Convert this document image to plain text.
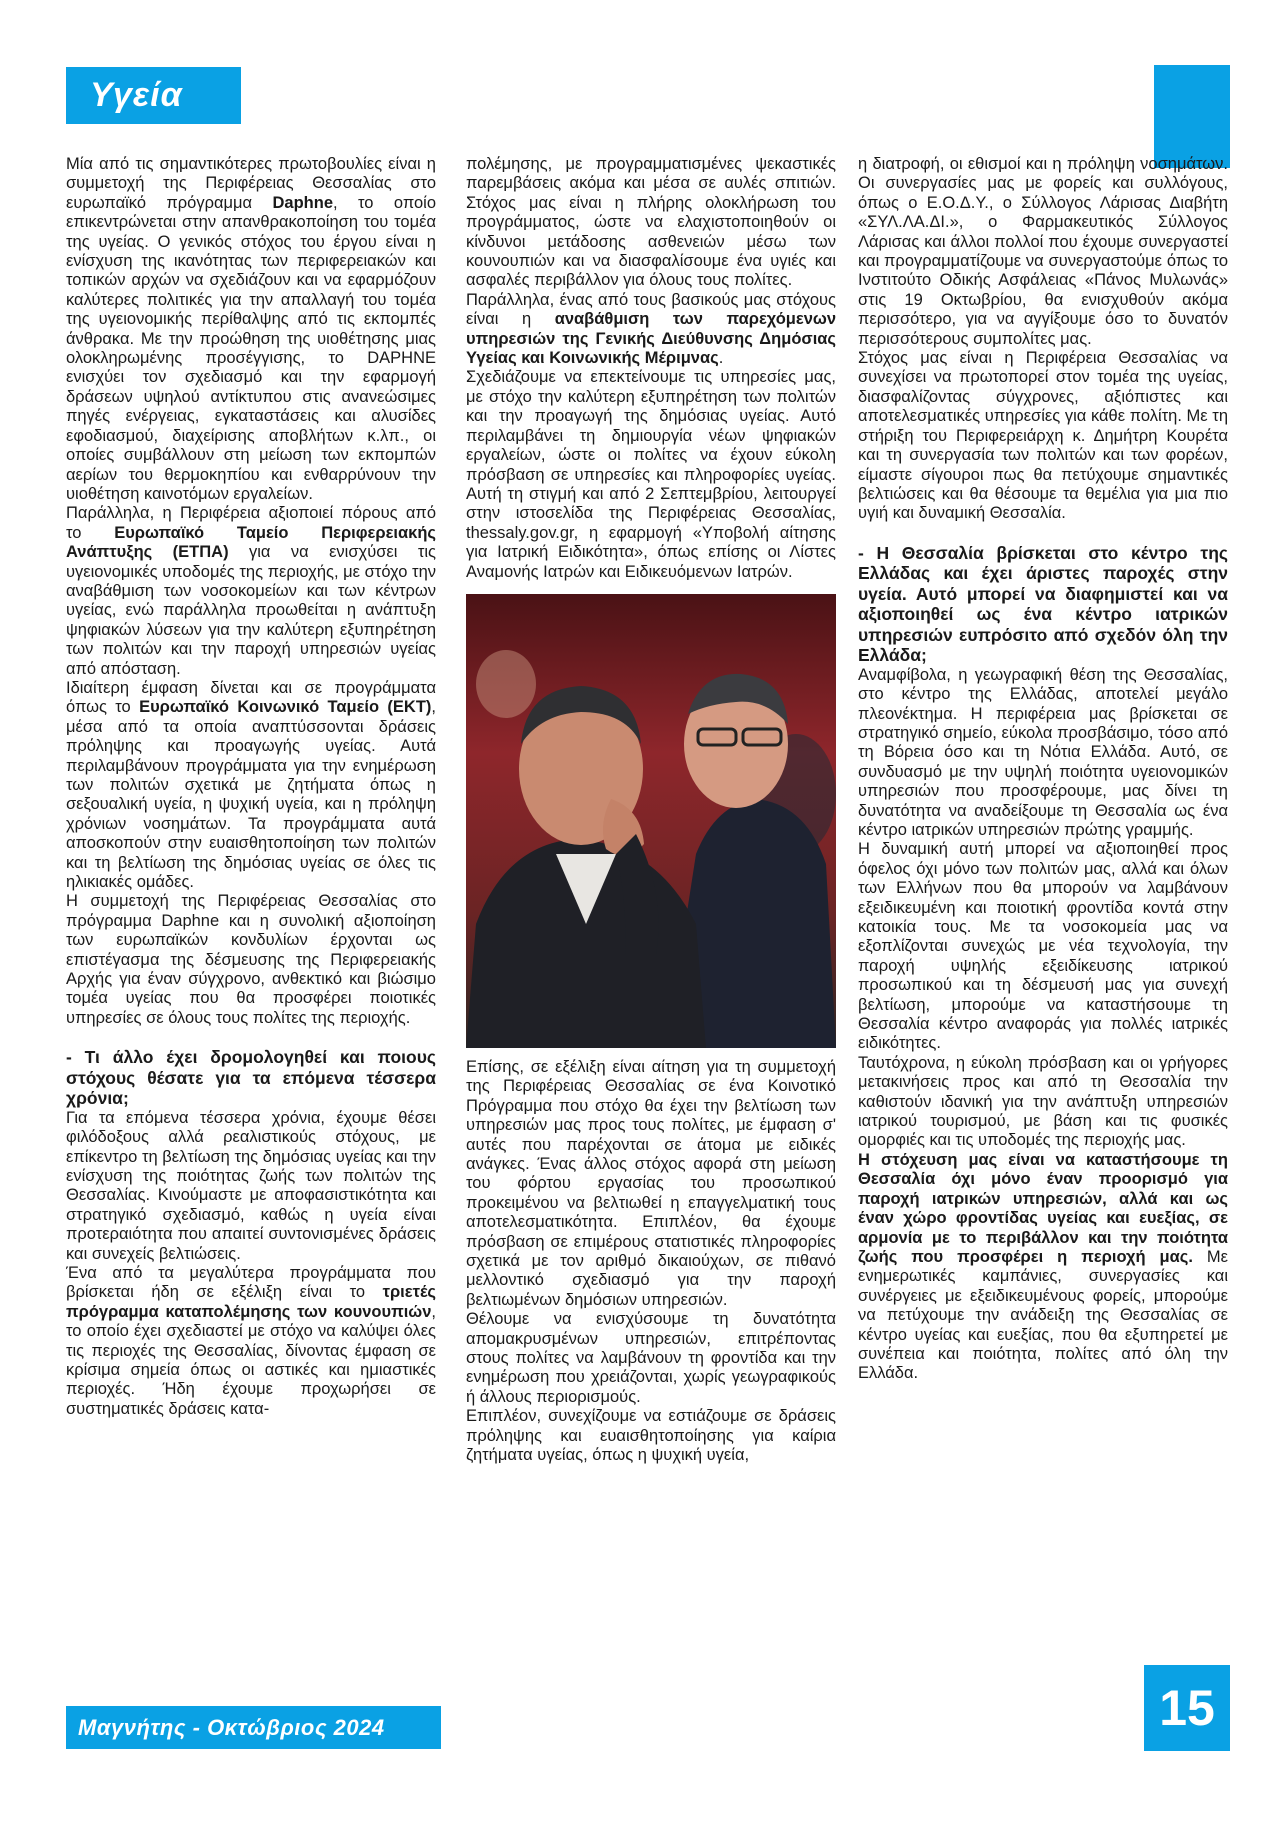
Υγεία

Μία από τις σημαντικότερες πρωτοβουλίες είναι η συμμετοχή της Περιφέρειας Θεσσαλίας στο ευρωπαϊκό πρόγραμμα Daphne, το οποίο επικεντρώνεται στην απανθρακοποίηση του τομέα της υγείας. Ο γενικός στόχος του έργου είναι η ενίσχυση της ικανότητας των περιφερειακών και τοπικών αρχών να σχεδιάζουν και να εφαρμόζουν καλύτερες πολιτικές για την απαλλαγή του τομέα της υγειονομικής περίθαλψης από τις εκπομπές άνθρακα. Με την προώθηση της υιοθέτησης μιας ολοκληρωμένης προσέγγισης, το DAPHNE ενισχύει τον σχεδιασμό και την εφαρμογή δράσεων υψηλού αντίκτυπου στις ανανεώσιμες πηγές ενέργειας, εγκαταστάσεις και αλυσίδες εφοδιασμού, διαχείρισης αποβλήτων κ.λπ., οι οποίες συμβάλλουν στη μείωση των εκπομπών αερίων του θερμοκηπίου και ενθαρρύνουν την υιοθέτηση καινοτόμων εργαλείων.

Παράλληλα, η Περιφέρεια αξιοποιεί πόρους από το Ευρωπαϊκό Ταμείο Περιφερειακής Ανάπτυξης (ΕΤΠΑ) για να ενισχύσει τις υγειονομικές υποδομές της περιοχής, με στόχο την αναβάθμιση των νοσοκομείων και των κέντρων υγείας, ενώ παράλληλα προωθείται η ανάπτυξη ψηφιακών λύσεων για την καλύτερη εξυπηρέτηση των πολιτών και την παροχή υπηρεσιών υγείας από απόσταση.

Ιδιαίτερη έμφαση δίνεται και σε προγράμματα όπως το Ευρωπαϊκό Κοινωνικό Ταμείο (ΕΚΤ), μέσα από τα οποία αναπτύσσονται δράσεις πρόληψης και προαγωγής υγείας. Αυτά περιλαμβάνουν προγράμματα για την ενημέρωση των πολιτών σχετικά με ζητήματα όπως η σεξουαλική υγεία, η ψυχική υγεία, και η πρόληψη χρόνιων νοσημάτων. Τα προγράμματα αυτά αποσκοπούν στην ευαισθητοποίηση των πολιτών και τη βελτίωση της δημόσιας υγείας σε όλες τις ηλικιακές ομάδες.

Η συμμετοχή της Περιφέρειας Θεσσαλίας στο πρόγραμμα Daphne και η συνολική αξιοποίηση των ευρωπαϊκών κονδυλίων έρχονται ως επιστέγασμα της δέσμευσης της Περιφερειακής Αρχής για έναν σύγχρονο, ανθεκτικό και βιώσιμο τομέα υγείας που θα προσφέρει ποιοτικές υπηρεσίες σε όλους τους πολίτες της περιοχής.

- Τι άλλο έχει δρομολογηθεί και ποιους στόχους θέσατε για τα επόμενα τέσσερα χρόνια;

Για τα επόμενα τέσσερα χρόνια, έχουμε θέσει φιλόδοξους αλλά ρεαλιστικούς στόχους, με επίκεντρο τη βελτίωση της δημόσιας υγείας και την ενίσχυση της ποιότητας ζωής των πολιτών της Θεσσαλίας. Κινούμαστε με αποφασιστικότητα και στρατηγικό σχεδιασμό, καθώς η υγεία είναι προτεραιότητα που απαιτεί συντονισμένες δράσεις και συνεχείς βελτιώσεις.

Ένα από τα μεγαλύτερα προγράμματα που βρίσκεται ήδη σε εξέλιξη είναι το τριετές πρόγραμμα καταπολέμησης των κουνουπιών, το οποίο έχει σχεδιαστεί με στόχο να καλύψει όλες τις περιοχές της Θεσσαλίας, δίνοντας έμφαση σε κρίσιμα σημεία όπως οι αστικές και ημιαστικές περιοχές. Ήδη έχουμε προχωρήσει σε συστηματικές δράσεις κατα-

πολέμησης, με προγραμματισμένες ψεκαστικές παρεμβάσεις ακόμα και μέσα σε αυλές σπιτιών. Στόχος μας είναι η πλήρης ολοκλήρωση του προγράμματος, ώστε να ελαχιστοποιηθούν οι κίνδυνοι μετάδοσης ασθενειών μέσω των κουνουπιών και να διασφαλίσουμε ένα υγιές και ασφαλές περιβάλλον για όλους τους πολίτες.

Παράλληλα, ένας από τους βασικούς μας στόχους είναι η αναβάθμιση των παρεχόμενων υπηρεσιών της Γενικής Διεύθυνσης Δημόσιας Υγείας και Κοινωνικής Μέριμνας.

Σχεδιάζουμε να επεκτείνουμε τις υπηρεσίες μας, με στόχο την καλύτερη εξυπηρέτηση των πολιτών και την προαγωγή της δημόσιας υγείας. Αυτό περιλαμβάνει τη δημιουργία νέων ψηφιακών εργαλείων, ώστε οι πολίτες να έχουν εύκολη πρόσβαση σε υπηρεσίες και πληροφορίες υγείας. Αυτή τη στιγμή και από 2 Σεπτεμβρίου, λειτουργεί στην ιστοσελίδα της Περιφέρειας Θεσσαλίας, thessaly.gov.gr, η εφαρμογή «Υποβολή αίτησης για Ιατρική Ειδικότητα», όπως επίσης οι Λίστες Αναμονής Ιατρών και Ειδικευόμενων Ιατρών.

Επίσης, σε εξέλιξη είναι αίτηση για τη συμμετοχή της Περιφέρειας Θεσσαλίας σε ένα Κοινοτικό Πρόγραμμα που στόχο θα έχει την βελτίωση των υπηρεσιών μας προς τους πολίτες, με έμφαση σ' αυτές που παρέχονται σε άτομα με ειδικές ανάγκες. Ένας άλλος στόχος αφορά στη μείωση του φόρτου εργασίας του προσωπικού προκειμένου να βελτιωθεί η επαγγελματική τους αποτελεσματικότητα. Επιπλέον, θα έχουμε πρόσβαση σε επιμέρους στατιστικές πληροφορίες σχετικά με τον αριθμό δικαιούχων, σε πιθανό μελλοντικό σχεδιασμό για την παροχή βελτιωμένων δημόσιων υπηρεσιών.

Θέλουμε να ενισχύσουμε τη δυνατότητα απομακρυσμένων υπηρεσιών, επιτρέποντας στους πολίτες να λαμβάνουν τη φροντίδα και την ενημέρωση που χρειάζονται, χωρίς γεωγραφικούς ή άλλους περιορισμούς.

Επιπλέον, συνεχίζουμε να εστιάζουμε σε δράσεις πρόληψης και ευαισθητοποίησης για καίρια ζητήματα υγείας, όπως η ψυχική υγεία,

η διατροφή, οι εθισμοί και η πρόληψη νοσημάτων. Οι συνεργασίες μας με φορείς και συλλόγους, όπως ο Ε.Ο.Δ.Υ., ο Σύλλογος Λάρισας Διαβήτη «ΣΥΛ.ΛΑ.ΔΙ.», ο Φαρμακευτικός Σύλλογος Λάρισας και άλλοι πολλοί που έχουμε συνεργαστεί και προγραμματίζουμε να συνεργαστούμε όπως το Ινστιτούτο Οδικής Ασφάλειας «Πάνος Μυλωνάς» στις 19 Οκτωβρίου, θα ενισχυθούν ακόμα περισσότερο, για να αγγίξουμε όσο το δυνατόν περισσότερους συμπολίτες μας.

Στόχος μας είναι η Περιφέρεια Θεσσαλίας να συνεχίσει να πρωτοπορεί στον τομέα της υγείας, διασφαλίζοντας σύγχρονες, αξιόπιστες και αποτελεσματικές υπηρεσίες για κάθε πολίτη. Με τη στήριξη του Περιφερειάρχη κ. Δημήτρη Κουρέτα και τη συνεργασία των πολιτών και των φορέων, είμαστε σίγουροι πως θα πετύχουμε σημαντικές βελτιώσεις και θα θέσουμε τα θεμέλια για μια πιο υγιή και δυναμική Θεσσαλία.

- Η Θεσσαλία βρίσκεται στο κέντρο της Ελλάδας και έχει άριστες παροχές στην υγεία. Αυτό μπορεί να διαφημιστεί και να αξιοποιηθεί ως ένα κέντρο ιατρικών υπηρεσιών ευπρόσιτο από σχεδόν όλη την Ελλάδα;

Αναμφίβολα, η γεωγραφική θέση της Θεσσαλίας, στο κέντρο της Ελλάδας, αποτελεί μεγάλο πλεονέκτημα. Η περιφέρεια μας βρίσκεται σε στρατηγικό σημείο, εύκολα προσβάσιμο, τόσο από τη Βόρεια όσο και τη Νότια Ελλάδα. Αυτό, σε συνδυασμό με την υψηλή ποιότητα υγειονομικών υπηρεσιών που προσφέρουμε, μας δίνει τη δυνατότητα να αναδείξουμε τη Θεσσαλία ως ένα κέντρο ιατρικών υπηρεσιών πρώτης γραμμής.

Η δυναμική αυτή μπορεί να αξιοποιηθεί προς όφελος όχι μόνο των πολιτών μας, αλλά και όλων των Ελλήνων που θα μπορούν να λαμβάνουν εξειδικευμένη και ποιοτική φροντίδα κοντά στην κατοικία τους. Με τα νοσοκομεία μας να εξοπλίζονται συνεχώς με νέα τεχνολογία, την παροχή υψηλής εξειδίκευσης ιατρικού προσωπικού και τη δέσμευσή μας για συνεχή βελτίωση, μπορούμε να καταστήσουμε τη Θεσσαλία κέντρο αναφοράς για πολλές ιατρικές ειδικότητες.

Ταυτόχρονα, η εύκολη πρόσβαση και οι γρήγορες μετακινήσεις προς και από τη Θεσσαλία την καθιστούν ιδανική για την ανάπτυξη υπηρεσιών ιατρικού τουρισμού, με βάση και τις φυσικές ομορφιές και τις υποδομές της περιοχής μας.

Η στόχευση μας είναι να καταστήσουμε τη Θεσσαλία όχι μόνο έναν προορισμό για παροχή ιατρικών υπηρεσιών, αλλά και ως έναν χώρο φροντίδας υγείας και ευεξίας, σε αρμονία με το περιβάλλον και την ποιότητα ζωής που προσφέρει η περιοχή μας. Με ενημερωτικές καμπάνιες, συνεργασίες και συνέργειες με εξειδικευμένους φορείς, μπορούμε να πετύχουμε την ανάδειξη της Θεσσαλίας σε κέντρο υγείας και ευεξίας, που θα εξυπηρετεί με συνέπεια και ποιότητα, πολίτες από όλη την Ελλάδα.

Μαγνήτης - Οκτώβριος 2024	15
